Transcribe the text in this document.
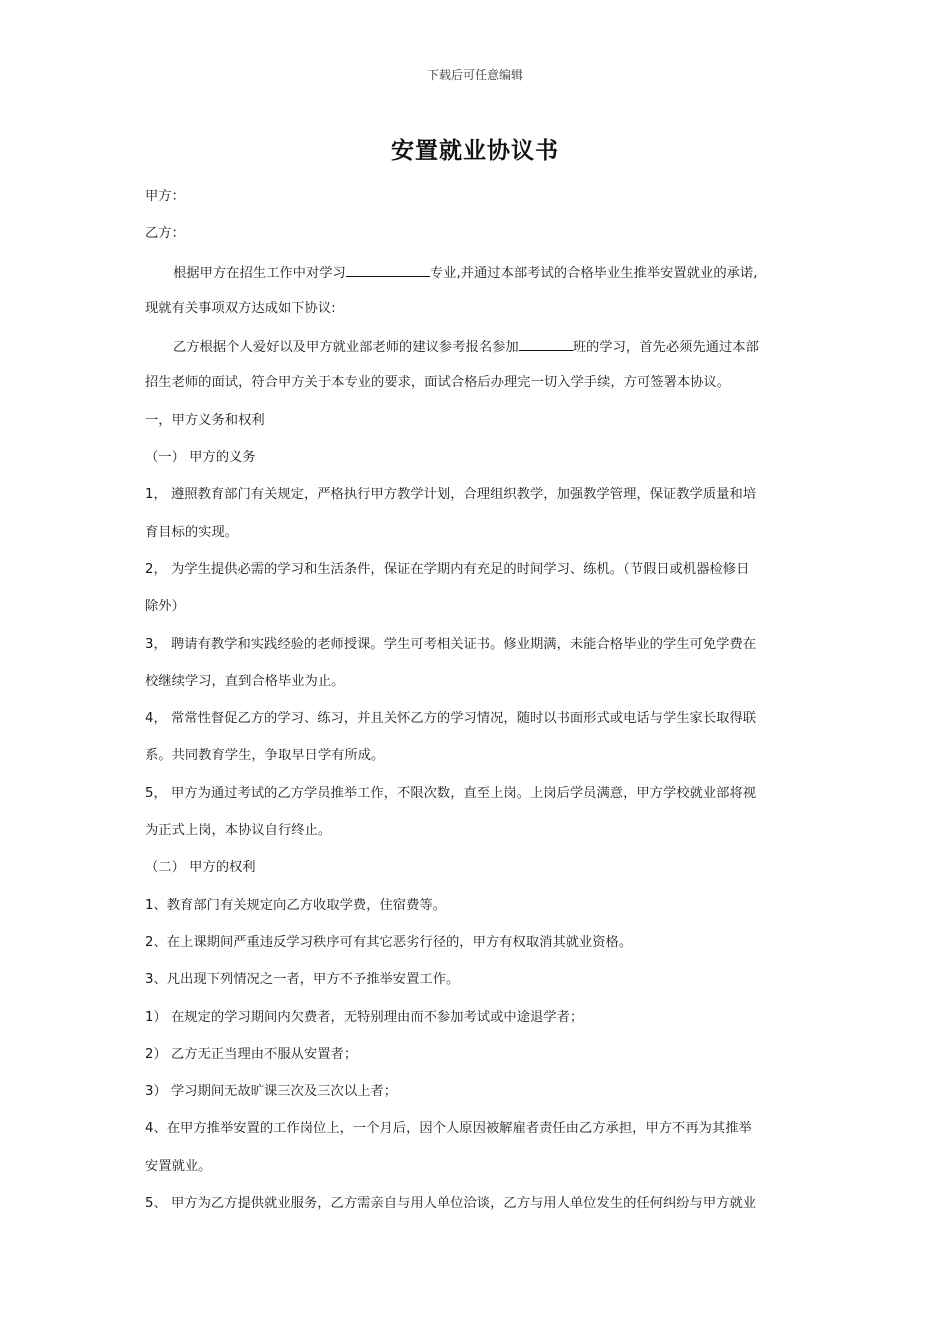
下载后可任意编辑
安置就业协议书
甲方：
乙方：
根据甲方在招生工作中对学习	专业,并通过本部考试的合格毕业生推举安置就业的承诺,
现就有关事项双方达成如下协议:
乙方根据个人爱好以及甲方就业部老师的建议参考报名参加	班的学习，首先必须先通过本部
招生老师的面试，符合甲方关于本专业的要求，面试合格后办理完一切入学手续，方可签署本协议。
一，甲方义务和权利
（一） 甲方的义务
1， 遵照教育部门有关规定，严格执行甲方教学计划，合理组织教学，加强教学管理，保证教学质量和培
育目标的实现。
2， 为学生提供必需的学习和生活条件，保证在学期内有充足的时间学习、练机。（节假日或机器检修日
除外）
3， 聘请有教学和实践经验的老师授课。学生可考相关证书。修业期满，未能合格毕业的学生可免学费在
校继续学习，直到合格毕业为止。
4， 常常性督促乙方的学习、练习，并且关怀乙方的学习情况，随时以书面形式或电话与学生家长取得联
系。共同教育学生，争取早日学有所成。
5， 甲方为通过考试的乙方学员推举工作，不限次数，直至上岗。上岗后学员满意，甲方学校就业部将视
为正式上岗，本协议自行终止。
（二） 甲方的权利
1、教育部门有关规定向乙方收取学费，住宿费等。
2、在上课期间严重违反学习秩序可有其它恶劣行径的，甲方有权取消其就业资格。
3、凡出现下列情况之一者，甲方不予推举安置工作。
1） 在规定的学习期间内欠费者，无特别理由而不参加考试或中途退学者；
2） 乙方无正当理由不服从安置者；
3） 学习期间无故旷课三次及三次以上者；
4、在甲方推举安置的工作岗位上，一个月后，因个人原因被解雇者责任由乙方承担，甲方不再为其推举
安置就业。
5、 甲方为乙方提供就业服务，乙方需亲自与用人单位洽谈，乙方与用人单位发生的任何纠纷与甲方就业
